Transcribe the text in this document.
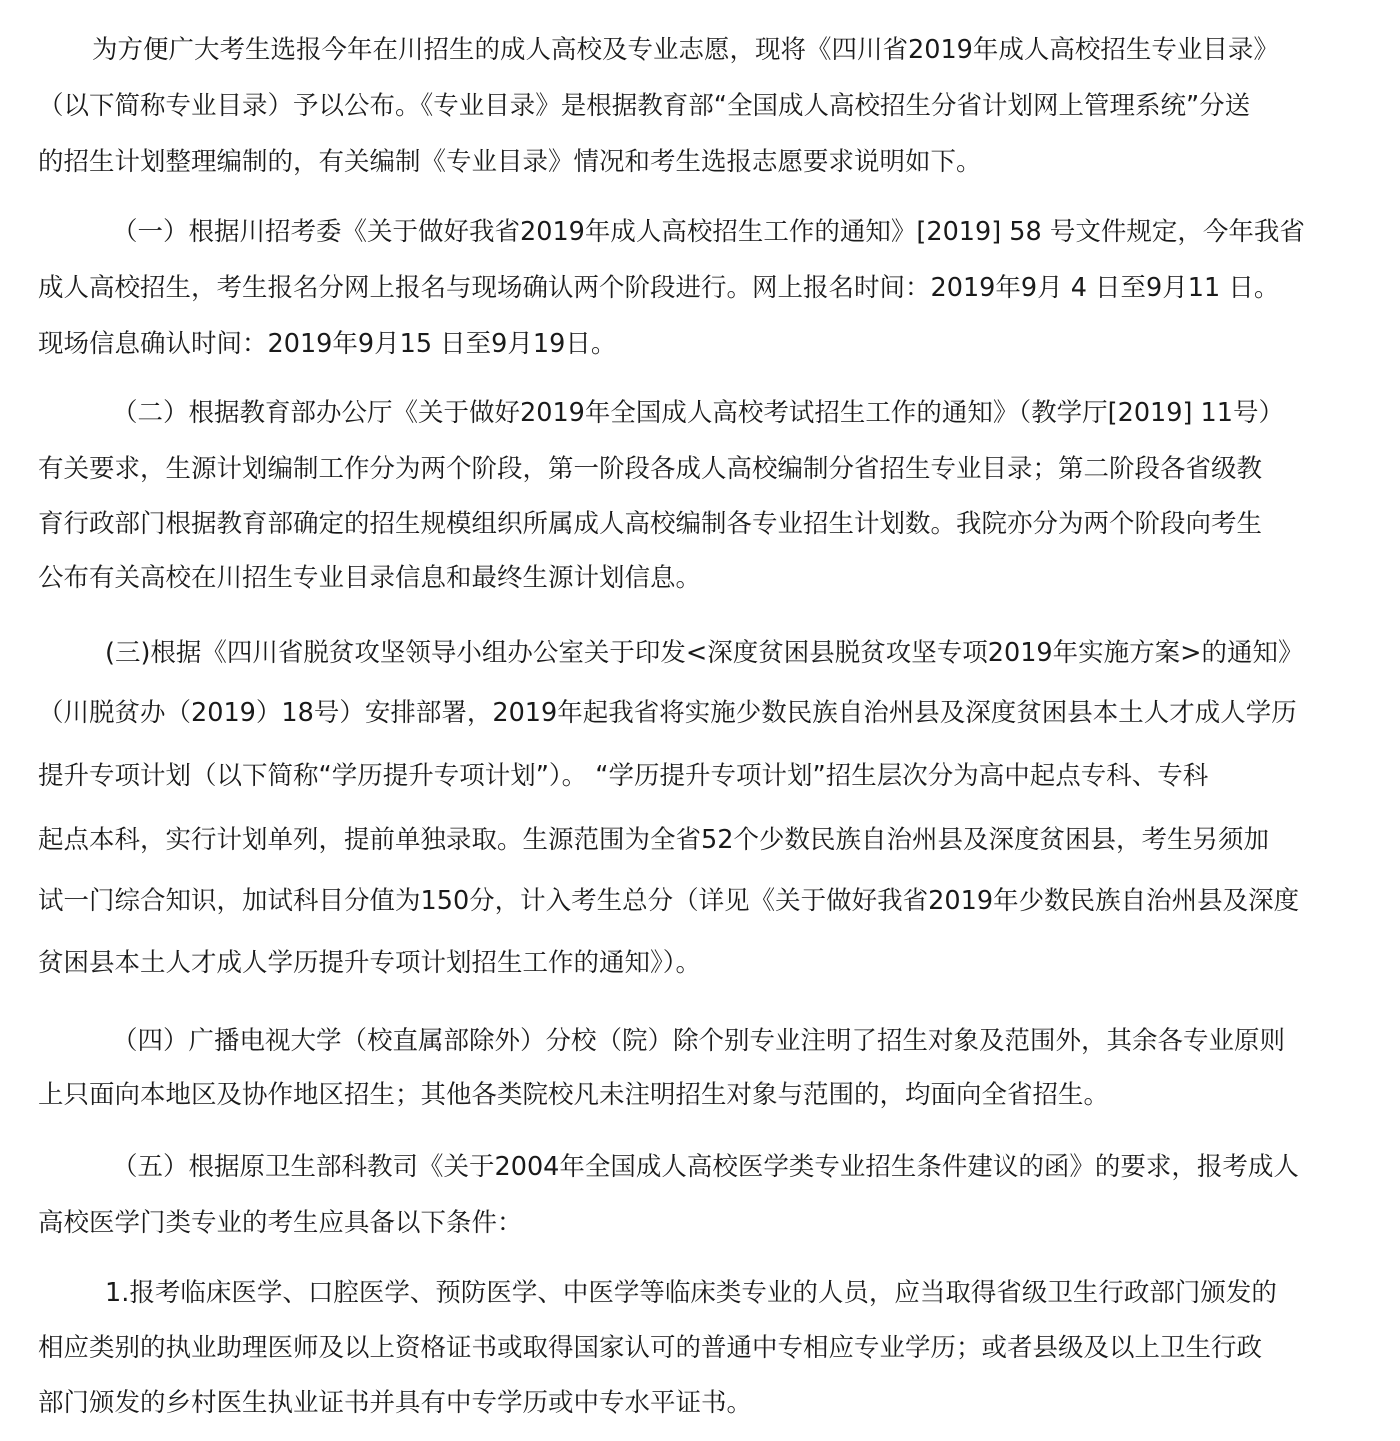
为方便广大考生选报今年在川招生的成人高校及专业志愿，现将《四川省2019年成人高校招生专业目录》
（以下简称专业目录）予以公布。《专业目录》是根据教育部“全国成人高校招生分省计划网上管理系统”分送
的招生计划整理编制的，有关编制《专业目录》情况和考生选报志愿要求说明如下。
（一）根据川招考委《关于做好我省2019年成人高校招生工作的通知》[2019] 58 号文件规定，今年我省
成人高校招生，考生报名分网上报名与现场确认两个阶段进行。网上报名时间：2019年9月 4 日至9月11 日。
现场信息确认时间：2019年9月15 日至9月19日。
（二）根据教育部办公厅《关于做好2019年全国成人高校考试招生工作的通知》（教学厅[2019] 11号）
有关要求，生源计划编制工作分为两个阶段，第一阶段各成人高校编制分省招生专业目录；第二阶段各省级教
育行政部门根据教育部确定的招生规模组织所属成人高校编制各专业招生计划数。我院亦分为两个阶段向考生
公布有关高校在川招生专业目录信息和最终生源计划信息。
(三)根据《四川省脱贫攻坚领导小组办公室关于印发<深度贫困县脱贫攻坚专项2019年实施方案>的通知》
（川脱贫办（2019）18号）安排部署，2019年起我省将实施少数民族自治州县及深度贫困县本土人才成人学历
提升专项计划（以下简称“学历提升专项计划”）。 “学历提升专项计划”招生层次分为高中起点专科、专科
起点本科，实行计划单列，提前单独录取。生源范围为全省52个少数民族自治州县及深度贫困县，考生另须加
试一门综合知识，加试科目分值为150分，计入考生总分（详见《关于做好我省2019年少数民族自治州县及深度
贫困县本土人才成人学历提升专项计划招生工作的通知》）。
（四）广播电视大学（校直属部除外）分校（院）除个别专业注明了招生对象及范围外，其余各专业原则
上只面向本地区及协作地区招生；其他各类院校凡未注明招生对象与范围的，均面向全省招生。
（五）根据原卫生部科教司《关于2004年全国成人高校医学类专业招生条件建议的函》的要求，报考成人
高校医学门类专业的考生应具备以下条件：
1.报考临床医学、口腔医学、预防医学、中医学等临床类专业的人员，应当取得省级卫生行政部门颁发的
相应类别的执业助理医师及以上资格证书或取得国家认可的普通中专相应专业学历；或者县级及以上卫生行政
部门颁发的乡村医生执业证书并具有中专学历或中专水平证书。
